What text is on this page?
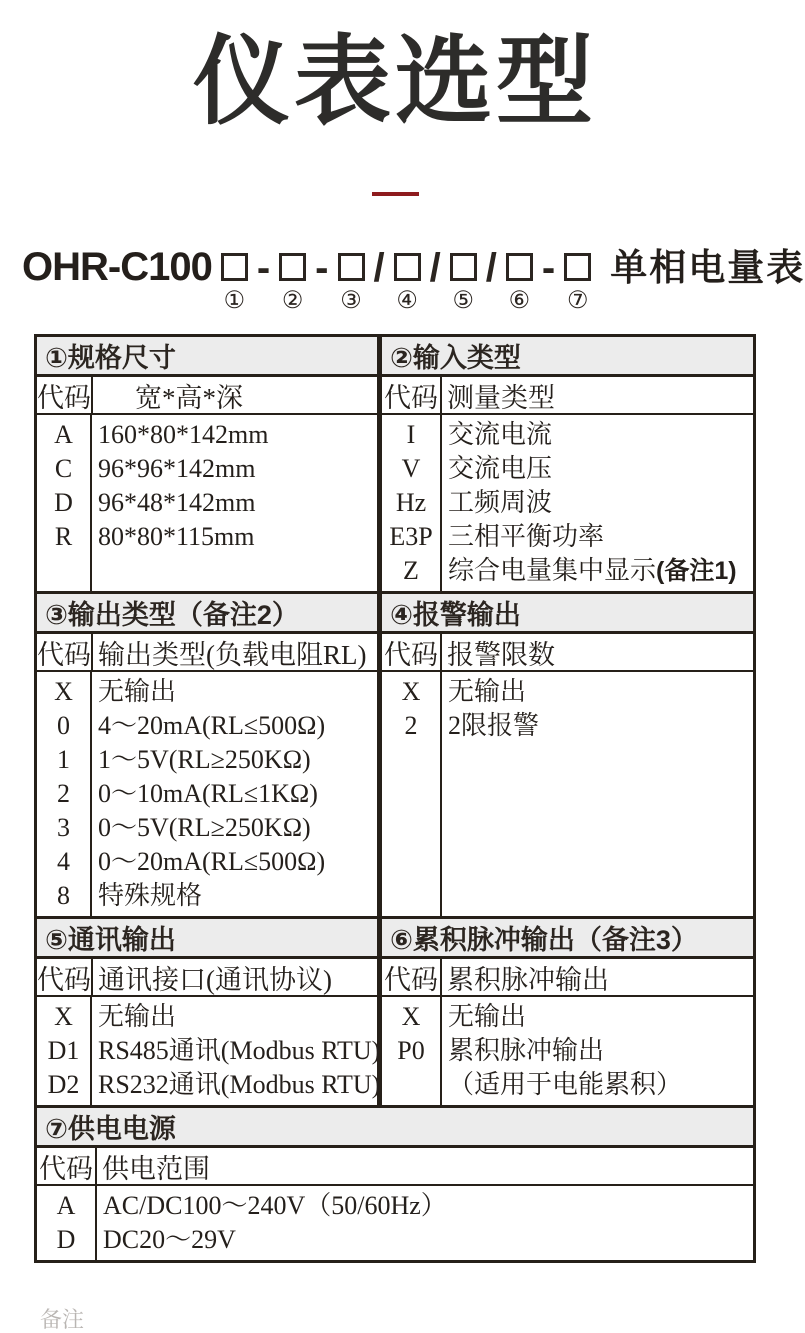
仪表选型
OHR-C100
①
-
②
-
③
/
④
/
⑤
/
⑥
-
⑦
单相电量表
①规格尺寸
代码	宽*高*深
A
C
D
R
160*80*142mm
96*96*142mm
96*48*142mm
80*80*115mm
②输入类型
代码 测量类型
I
V
Hz
E3P
Z
交流电流
交流电压
工频周波
三相平衡功率
综合电量集中显示(备注1)
③输出类型（备注2）
代码 输出类型(负载电阻RL)
X
0
1
2
3
4
8
无输出
4～20mA(RL≤500Ω)
1～5V(RL≥250KΩ)
0～10mA(RL≤1KΩ)
0～5V(RL≥250KΩ)
0～20mA(RL≤500Ω)
特殊规格
④报警输出
代码 报警限数
X
2
无输出
2限报警
⑤通讯输出
代码 通讯接口(通讯协议)
X
D1
D2
无输出
RS485通讯(Modbus RTU)
RS232通讯(Modbus RTU)
⑥累积脉冲输出（备注3）
代码 累积脉冲输出
X
P0

无输出
累积脉冲输出
（适用于电能累积）
⑦供电电源
代码 供电范围
A
D
AC/DC100～240V（50/60Hz）
DC20～29V
备注
